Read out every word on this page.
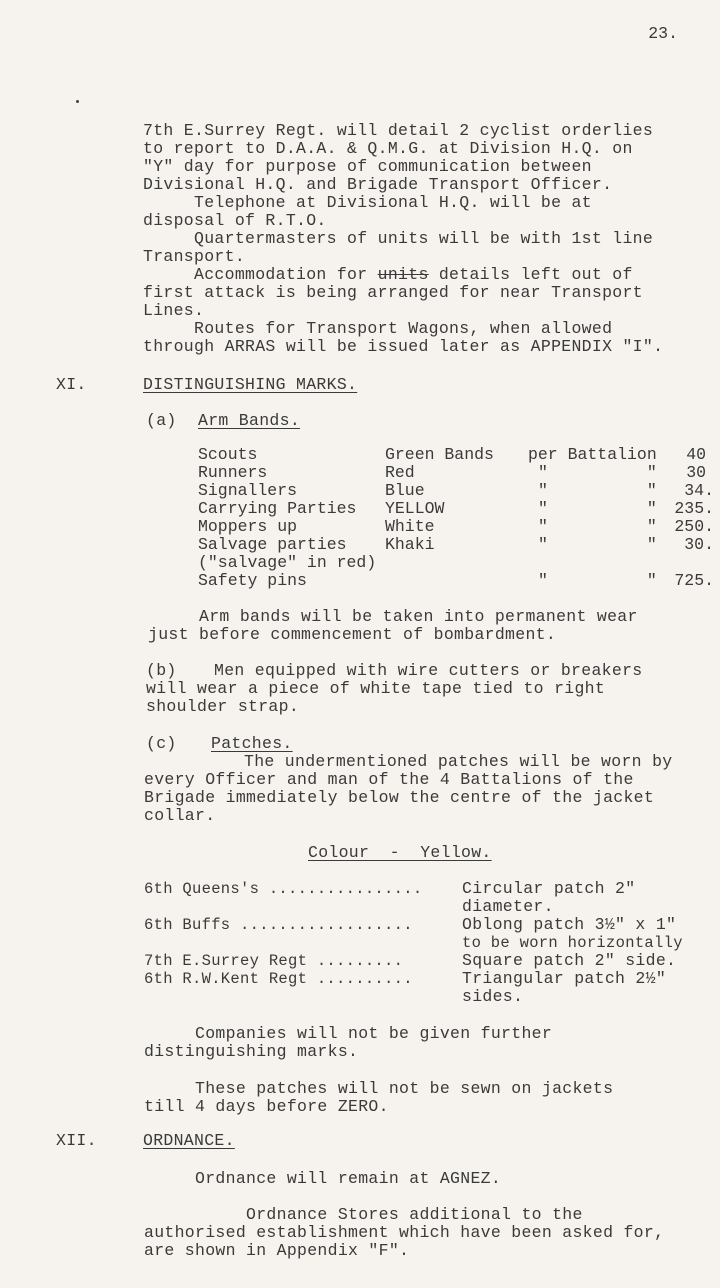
23.
7th E.Surrey Regt. will detail 2 cyclist orderlies
to report to D.A.A. & Q.M.G. at Division H.Q. on
"Y" day for purpose of communication between
Divisional H.Q. and Brigade Transport Officer.
Telephone at Divisional H.Q. will be at
disposal of R.T.O.
Quartermasters of units will be with 1st line
Transport.
Accommodation for units details left out of
first attack is being arranged for near Transport
Lines.
Routes for Transport Wagons, when allowed
through ARRAS will be issued later as APPENDIX "I".
XI.	DISTINGUISHING MARKS.
(a) Arm Bands.
Scouts	Green Bands per Battalion	40
Runners	Red	"          "	30
Signallers	Blue	"          "	34.
Carrying Parties YELLOW	"          "	235.
Moppers up	White	"          "	250.
Salvage parties Khaki	"          "	30.
("salvage" in red)
Safety pins	"          "	725.
Arm bands will be taken into permanent wear
just before commencement of bombardment.
(b) Men equipped with wire cutters or breakers
will wear a piece of white tape tied to right
shoulder strap.
(c) Patches.
The undermentioned patches will be worn by
every Officer and man of the 4 Battalions of the
Brigade immediately below the centre of the jacket
collar.
Colour  -  Yellow.
6th Queens's ................ Circular patch 2"
diameter.
6th Buffs ..................	Oblong patch 3½" x 1"
to be worn horizontally
7th E.Surrey Regt .........	Square patch 2" side.
6th R.W.Kent Regt ..........	Triangular patch 2½"
sides.
Companies will not be given further
distinguishing marks.
These patches will not be sewn on jackets
till 4 days before ZERO.
XII.	ORDNANCE.
Ordnance will remain at AGNEZ.
Ordnance Stores additional to the
authorised establishment which have been asked for,
are shown in Appendix "F".
